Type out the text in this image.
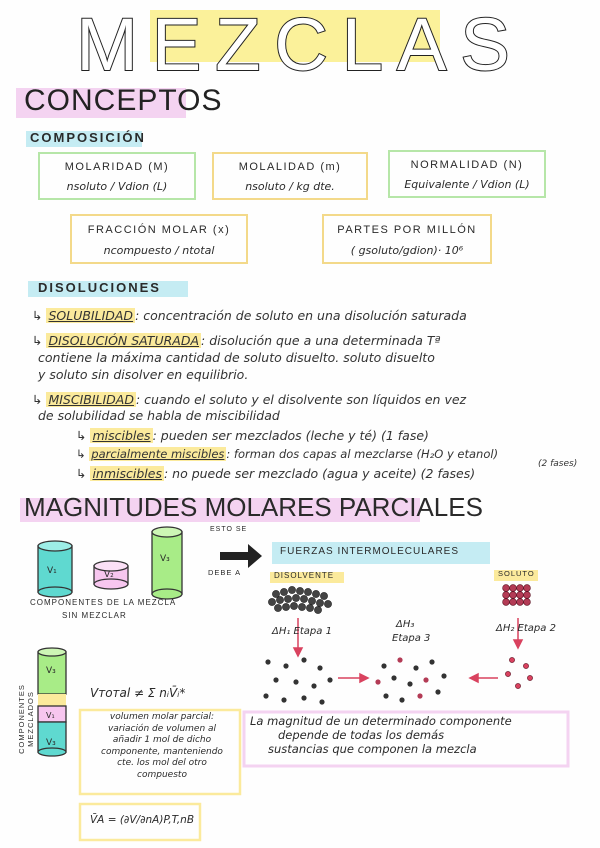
MEZCLAS
CONCEPTOS
COMPOSICIÓN
MOLARIDAD (M)
nsoluto / Vdion (L)
MOLALIDAD (m)
nsoluto / kg dte.
NORMALIDAD (N)
Equivalente / Vdion (L)
FRACCIÓN MOLAR (x)
ncompuesto / ntotal
PARTES POR MILLÓN
( gsoluto/gdion)· 10⁶
DISOLUCIONES
↳ SOLUBILIDAD : concentración de soluto en una disolución saturada
↳ DISOLUCIÓN SATURADA : disolución que a una determinada Tª
contiene la máxima cantidad de soluto disuelto. soluto disuelto
y soluto sin disolver en equilibrio.
↳ MISCIBILIDAD : cuando el soluto y el disolvente son líquidos en vez
de solubilidad se habla de miscibilidad
↳ miscibles : pueden ser mezclados (leche y té) (1 fase)
↳ parcialmente miscibles : forman dos capas al mezclarse (H₂O y etanol)
(2 fases)
↳ inmiscibles : no puede ser mezclado (agua y aceite) (2 fases)
MAGNITUDES MOLARES PARCIALES
ESTO SE
DEBE A
V₁	V₂
V₃
COMPONENTES DE LA MEZCLA
SIN MEZCLAR
COMPONENTES MEZCLADOS
V₃
V₁
V₃
Vтотаl ≠ Σ nᵢV̄ᵢ*
volumen molar parcial:
variación de volumen al
añadir 1 mol de dicho
componente, manteniendo
cte. los mol del otro
compuesto
V̄A = (∂V/∂nA)P,T,nB
FUERZAS INTERMOLECULARES
DISOLVENTE	SOLUTO
ΔH₁ Etapa 1
ΔH₃
Etapa 3
ΔH₂ Etapa 2
La magnitud de un determinado componente
depende de todas los demás
sustancias que componen la mezcla
